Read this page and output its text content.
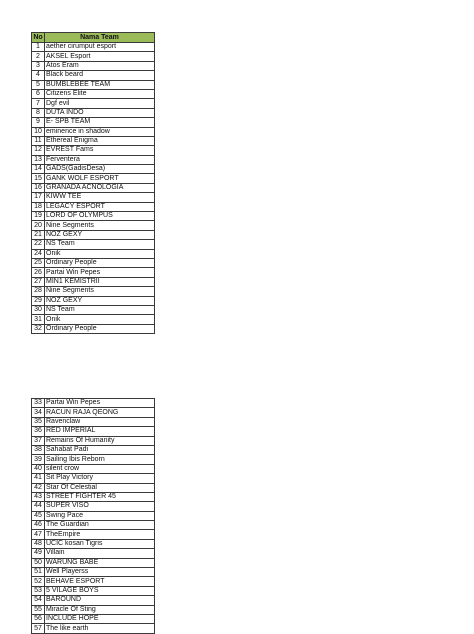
No	Nama Team
1	aether cirumput esport
2	AKSEL Esport
3	Atos Eram
4	Black beard
5	BUMBLEBEE TEAM
6	Citizens Elite
7	Dgf evil
8	DUTA INDO
9	E- SPB TEAM
10	eminence in shadow
11	Ethereal Enigma
12	EVREST Fams
13	Ferventera
14	GADS(GadisDesa)
15	GANK WOLF ESPORT
16	GRANADA ACNOLOGIA
17	KIWW TEE
18	LEGACY ESPORT
19	LORD OF OLYMPUS
20	Nine Segments
21	NOZ GEXY
22	NS Team
24	Onik
25	Ordinary People
26	Partai Win Pepes
27	MIN1 KEMISTRII
28	Nine Segments
29	NOZ GEXY
30	NS Team
31	Onik
32	Ordinary People
33	Partai Win Pepes
34	RACUN RAJA QEONG
35	Ravenclaw
36	RED IMPERIAL
37	Remains Of Humanity
38	Sahabat Padi
39	Sailing Ibis Reborn
40	silent crow
41	Sit Play Victory
42	Star Of Celestial
43	STREET FIGHTER 45
44	SUPER VISO
45	Swing Pace
46	The Guardian
47	TheEmpire
48	UCIC kosan Tigris
49	Villain
50	WARUNG BABE
51	Well Playerss
52	BEHAVE ESPORT
53	5 VILAGE BOYS
54	BAROUND
55	Miracle Of Sting
56	INCLUDE HOPE
57	The like earth
